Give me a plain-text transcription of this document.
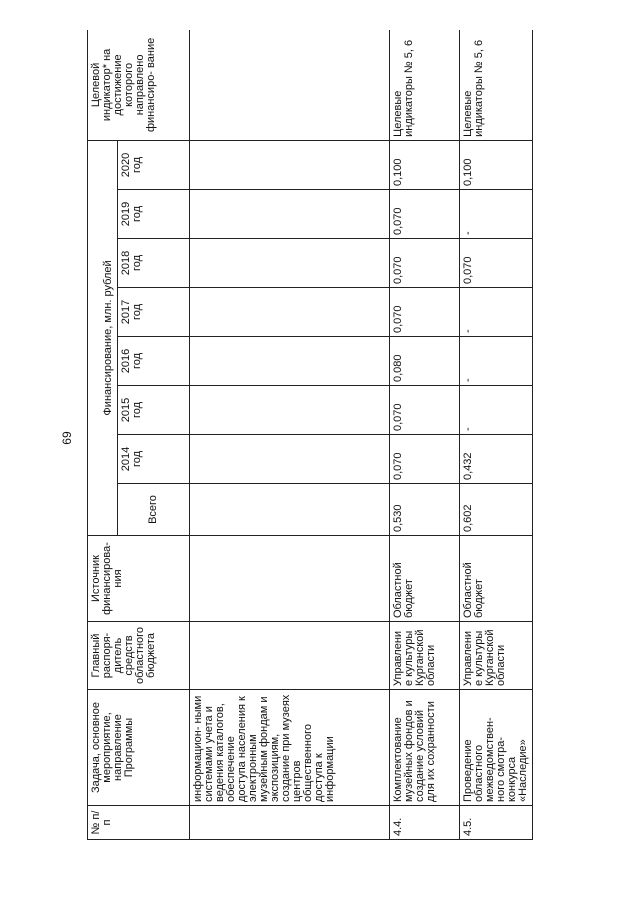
69
№ п/п	Задача, основное мероприятие, направление Программы	Главный распоря- дитель средств областного бюджета	Источник финансирова- ния	Финансирование, млн. рублей								Целевой индикатор* на достижение которого направлено финансиро- вание
				Всего	2014 год	2015 год	2016 год	2017 год	2018 год	2019 год	2020 год	
	информацион- ными системами учета и ведения каталогов, обеспечение доступа населения к электронным музейным фондам и экспозициям, создание при музеях центров общественного доступа к информации											
4.4.	Комплектование музейных фондов и создание условий для их сохранности	Управление культуры Курганской области	Областной бюджет	0,530	0,070	0,070	0,080	0,070	0,070	0,070	0,100	Целевые индикаторы № 5, 6
4.5.	Проведение областного межведомствен- ного смотра- конкурса «Наследие»	Управление культуры Курганской области	Областной бюджет	0,602	0,432	-	-	-	0,070	-	0,100	Целевые индикаторы № 5, 6
